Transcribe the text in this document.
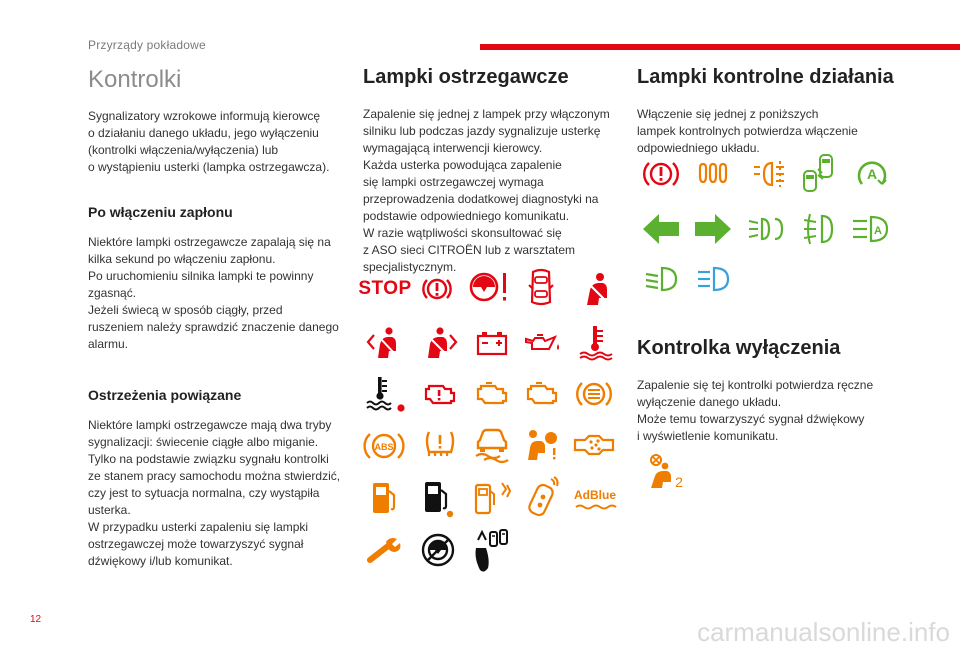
Przyrządy pokładowe
Kontrolki

Sygnalizatory wzrokowe informują kierowcę
o działaniu danego układu, jego wyłączeniu
(kontrolki włączenia/wyłączenia) lub
o wystąpieniu usterki (lampka ostrzegawcza).

Po włączeniu zapłonu

Niektóre lampki ostrzegawcze zapalają się na
kilka sekund po włączeniu zapłonu.
Po uruchomieniu silnika lampki te powinny
zgasnąć.
Jeżeli świecą w sposób ciągły, przed
ruszeniem należy sprawdzić znaczenie danego
alarmu.

Ostrzeżenia powiązane

Niektóre lampki ostrzegawcze mają dwa tryby
sygnalizacji: świecenie ciągłe albo miganie.
Tylko na podstawie związku sygnału kontrolki
ze stanem pracy samochodu można stwierdzić,
czy jest to sytuacja normalna, czy wystąpiła
usterka.
W przypadku usterki zapaleniu się lampki
ostrzegawczej może towarzyszyć sygnał
dźwiękowy i/lub komunikat.

Lampki ostrzegawcze

Zapalenie się jednej z lampek przy włączonym
silniku lub podczas jazdy sygnalizuje usterkę
wymagającą interwencji kierowcy.
Każda usterka powodująca zapalenie
się lampki ostrzegawczej wymaga
przeprowadzenia dodatkowej diagnostyki na
podstawie odpowiedniego komunikatu.
W razie wątpliwości skonsultować się
z ASO sieci CITROËN lub z warsztatem
specjalistycznym.

Lampki kontrolne działania

Włączenie się jednej z poniższych
lampek kontrolnych potwierdza włączenie
odpowiedniego układu.

Kontrolka wyłączenia

Zapalenie się tej kontrolki potwierdza ręczne
wyłączenie danego układu.
Może temu towarzyszyć sygnał dźwiękowy
i wyświetlenie komunikatu.

STOP
ABS
AdBlue
A
A
2
12	carmanualsonline.info
